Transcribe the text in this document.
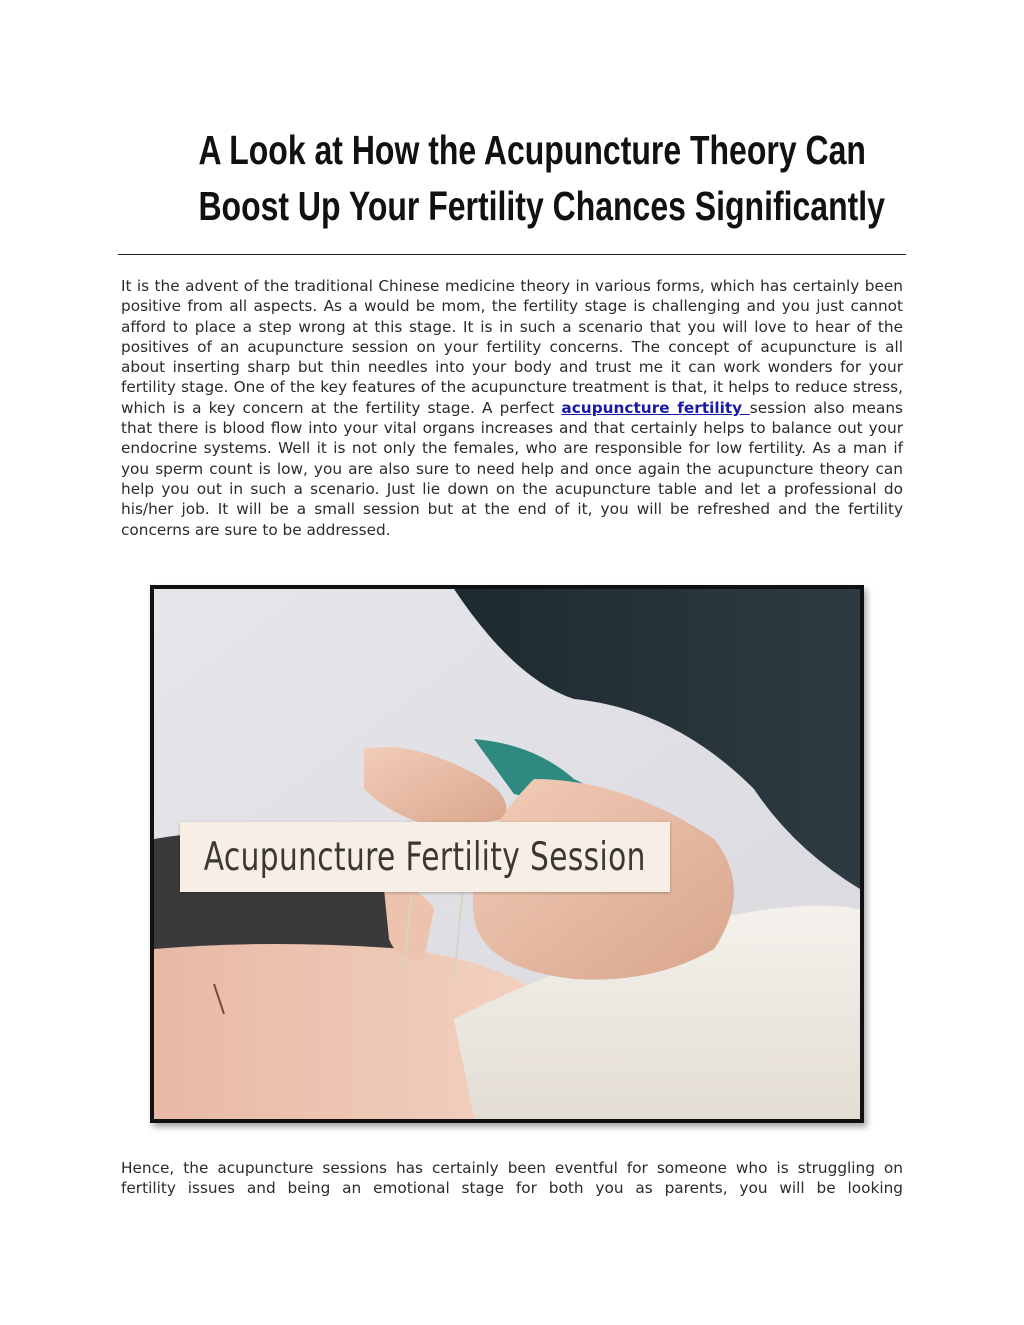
A Look at How the Acupuncture Theory Can
Boost Up Your Fertility Chances Significantly

It is the advent of the traditional Chinese medicine theory in various forms, which has certainly been positive from all aspects. As a would be mom, the fertility stage is challenging and you just cannot afford to place a step wrong at this stage. It is in such a scenario that you will love to hear of the positives of an acupuncture session on your fertility concerns. The concept of acupuncture is all about inserting sharp but thin needles into your body and trust me it can work wonders for your fertility stage. One of the key features of the acupuncture treatment is that, it helps to reduce stress, which is a key concern at the fertility stage. A perfect acupuncture fertility session also means that there is blood flow into your vital organs increases and that certainly helps to balance out your endocrine systems. Well it is not only the females, who are responsible for low fertility. As a man if you sperm count is low, you are also sure to need help and once again the acupuncture theory can help you out in such a scenario. Just lie down on the acupuncture table and let a professional do his/her job. It will be a small session but at the end of it, you will be refreshed and the fertility concerns are sure to be addressed.

Acupuncture Fertility Session

Hence, the acupuncture sessions has certainly been eventful for someone who is struggling on fertility issues and being an emotional stage for both you as parents, you will be looking
